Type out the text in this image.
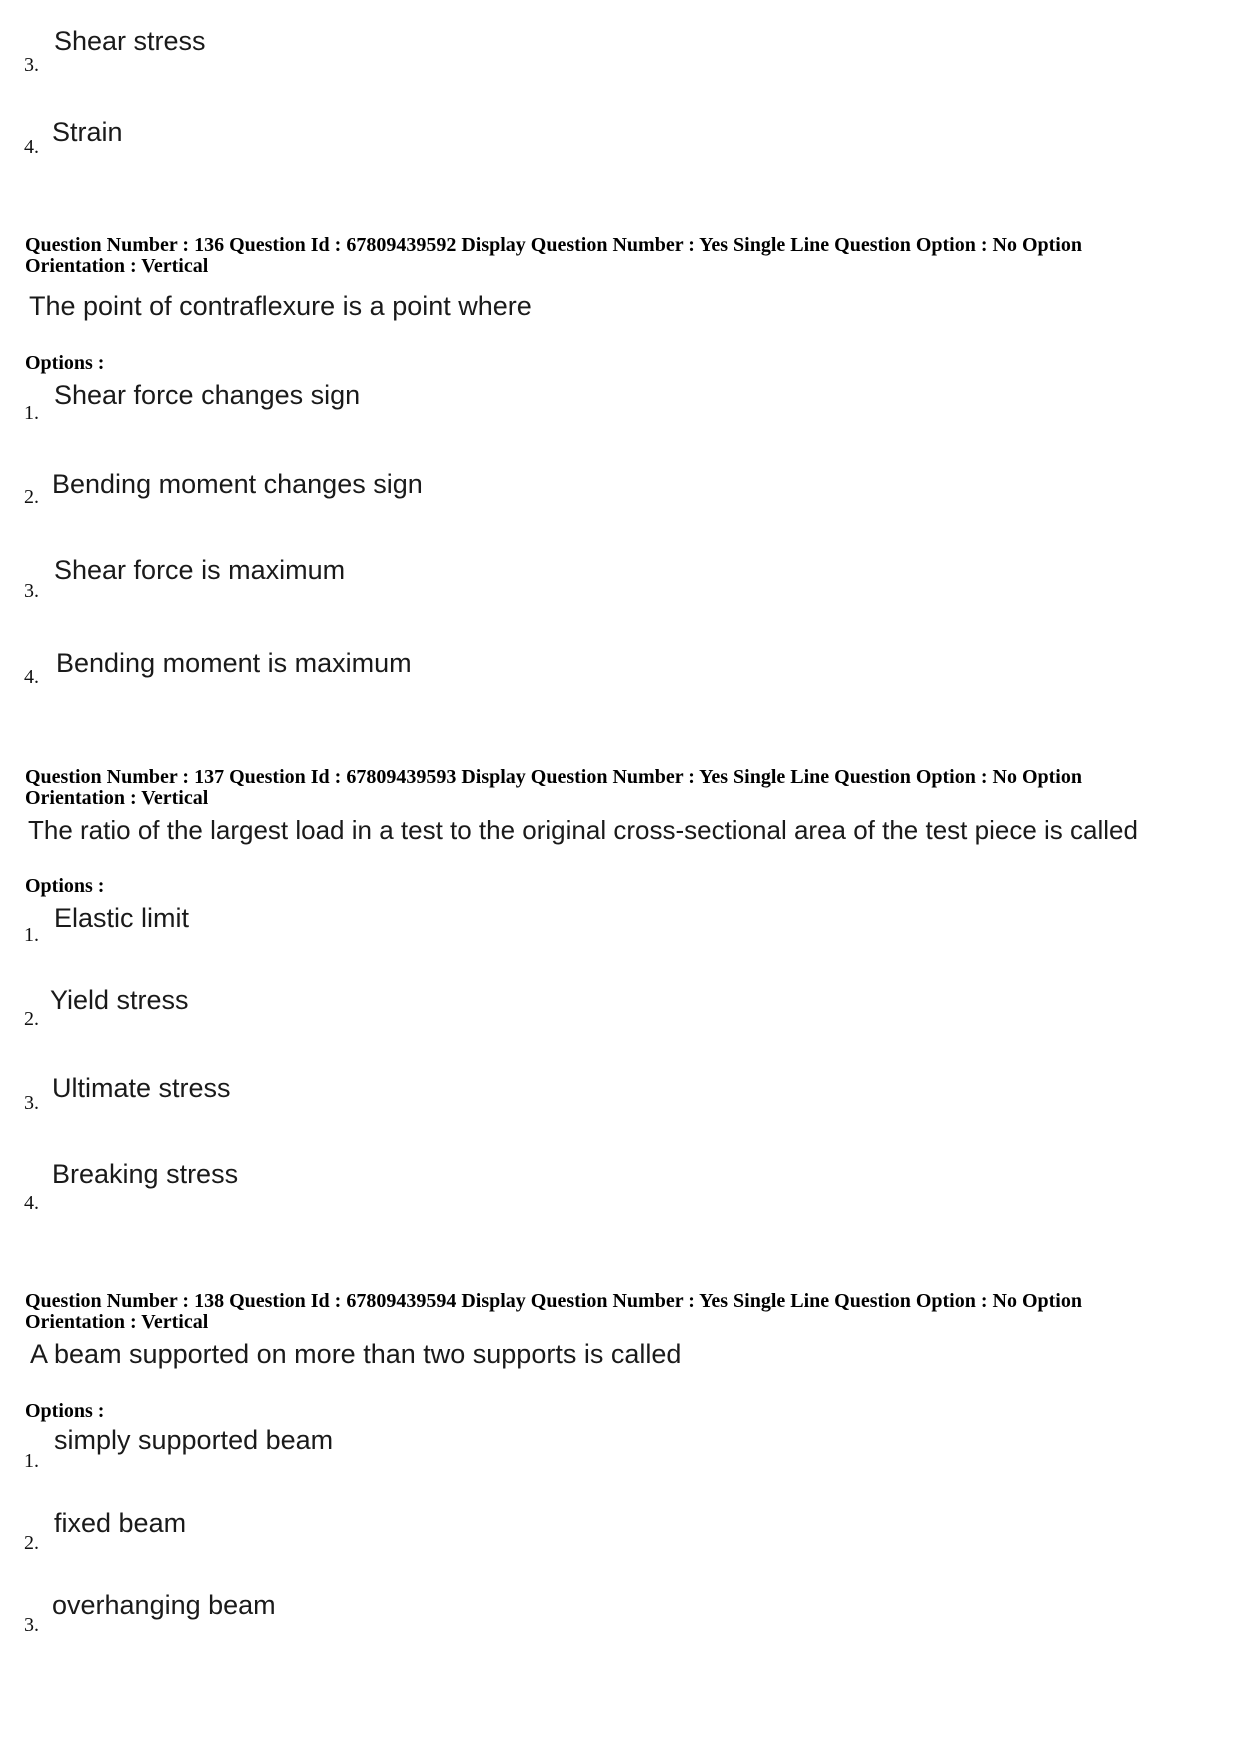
3.
Shear stress
4. Strain
Question Number : 136 Question Id : 67809439592 Display Question Number : Yes Single Line Question Option : No Option
Orientation : Vertical
The point of contraflexure is a point where
Options :
1.
Shear force changes sign
2. Bending moment changes sign
3.
Shear force is maximum
4. Bending moment is maximum
Question Number : 137 Question Id : 67809439593 Display Question Number : Yes Single Line Question Option : No Option
Orientation : Vertical
The ratio of the largest load in a test to the original cross-sectional area of the test piece is called
Options :
1.
Elastic limit
2.
Yield stress
3. Ultimate stress
4.
Breaking stress
Question Number : 138 Question Id : 67809439594 Display Question Number : Yes Single Line Question Option : No Option
Orientation : Vertical
A beam supported on more than two supports is called
Options :
1.
simply supported beam
2.
fixed beam
3.
overhanging beam
